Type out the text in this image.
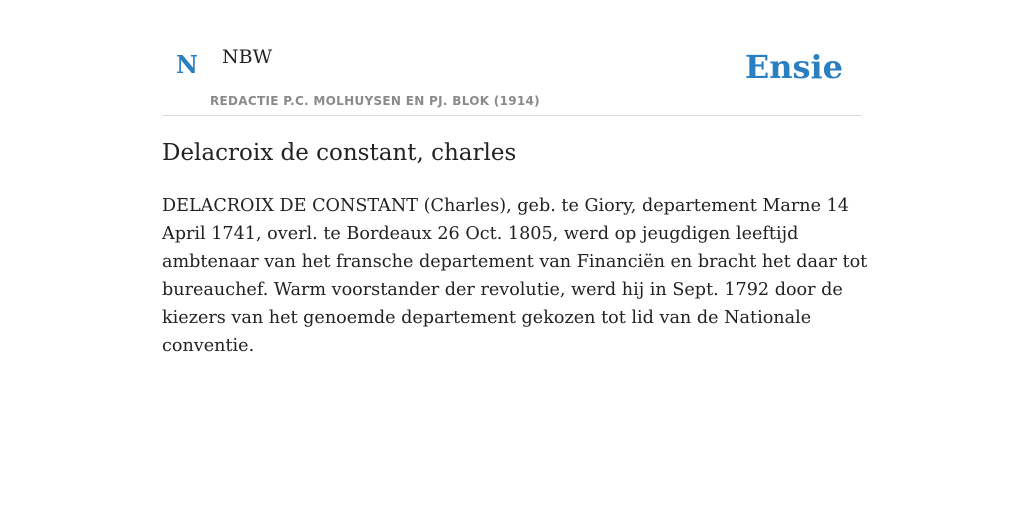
N NBW
REDACTIE P.C. MOLHUYSEN EN PJ. BLOK (1914)
Ensie
Delacroix de constant, charles

DELACROIX DE CONSTANT (Charles), geb. te Giory, departement Marne 14 April 1741, overl. te Bordeaux 26 Oct. 1805, werd op jeugdigen leeftijd ambtenaar van het fransche departement van Financiën en bracht het daar tot bureauchef. Warm voorstander der revolutie, werd hij in Sept. 1792 door de kiezers van het genoemde departement gekozen tot lid van de Nationale conventie.
